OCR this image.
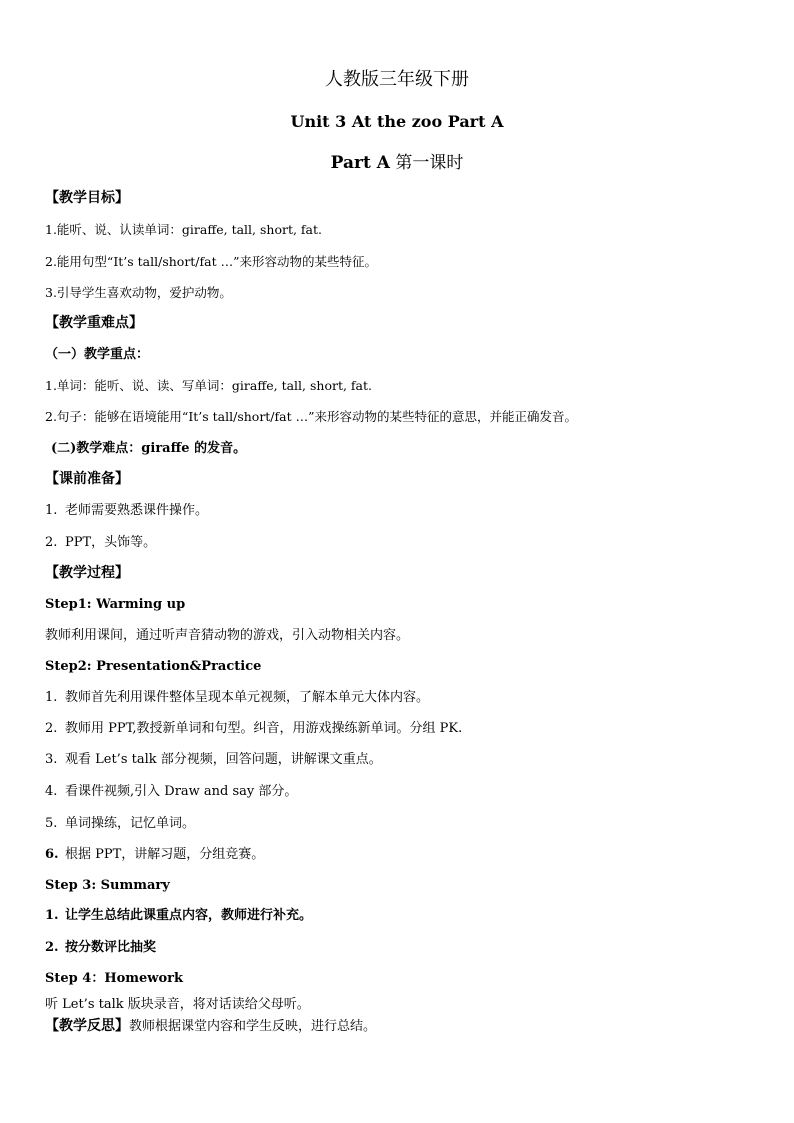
人教版三年级下册
Unit 3 At the zoo Part A
Part A 第一课时
【教学目标】
1.能听、说、认读单词：giraffe, tall, short, fat.
2.能用句型“It’s tall/short/fat …”来形容动物的某些特征。
3.引导学生喜欢动物，爱护动物。
【教学重难点】
（一）教学重点：
1.单词：能听、说、读、写单词：giraffe, tall, short, fat.
2.句子：能够在语境能用“It’s tall/short/fat …”来形容动物的某些特征的意思，并能正确发音。
(二)教学难点：giraffe 的发音。
【课前准备】
1. 老师需要熟悉课件操作。
2. PPT，头饰等。
【教学过程】
Step1: Warming up
教师利用课间，通过听声音猜动物的游戏，引入动物相关内容。
Step2: Presentation&Practice
1. 教师首先利用课件整体呈现本单元视频，了解本单元大体内容。
2. 教师用 PPT,教授新单词和句型。纠音，用游戏操练新单词。分组 PK.
3. 观看 Let’s talk 部分视频，回答问题，讲解课文重点。
4. 看课件视频,引入 Draw and say 部分。
5. 单词操练，记忆单词。
6. 根据 PPT，讲解习题，分组竞赛。
Step 3: Summary
1. 让学生总结此课重点内容，教师进行补充。
2. 按分数评比抽奖
Step 4：Homework
听 Let’s talk 版块录音，将对话读给父母听。
【教学反思】教师根据课堂内容和学生反映，进行总结。
